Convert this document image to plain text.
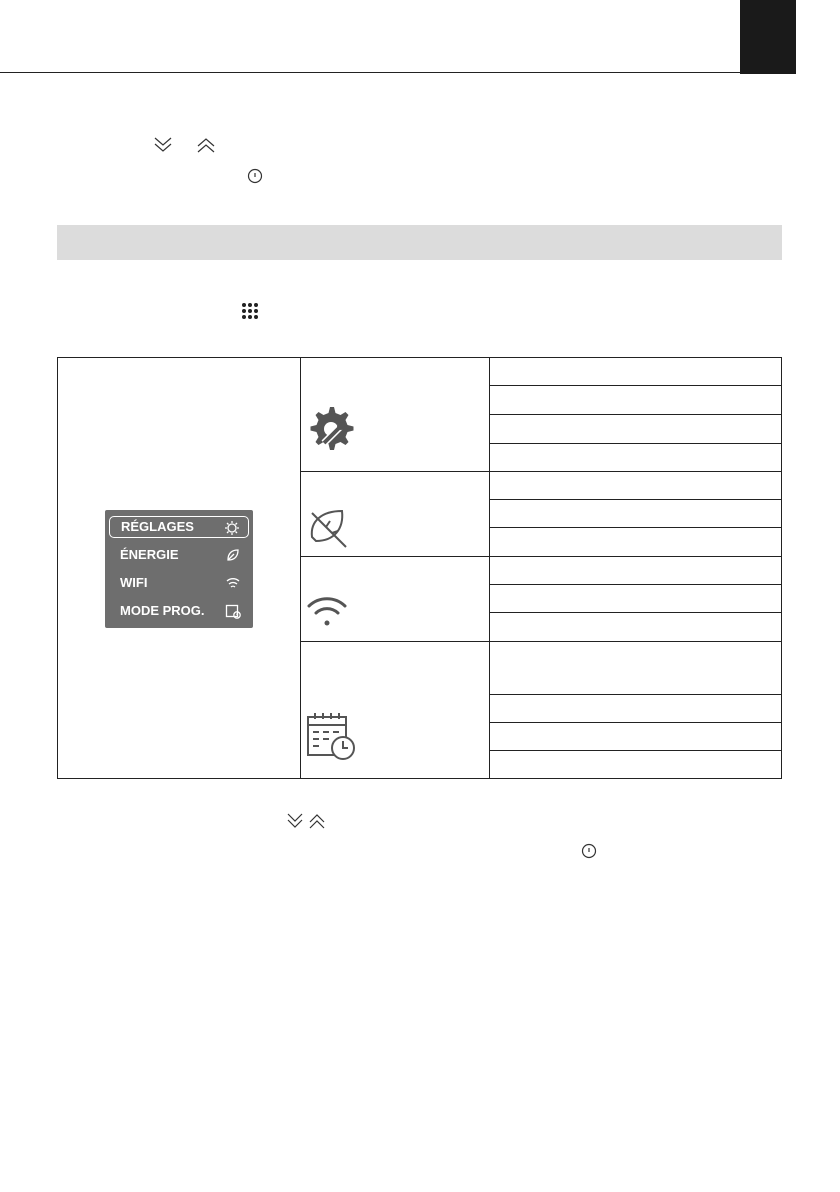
RÉGLAGES
ÉNERGIE
WIFI
MODE PROG.
